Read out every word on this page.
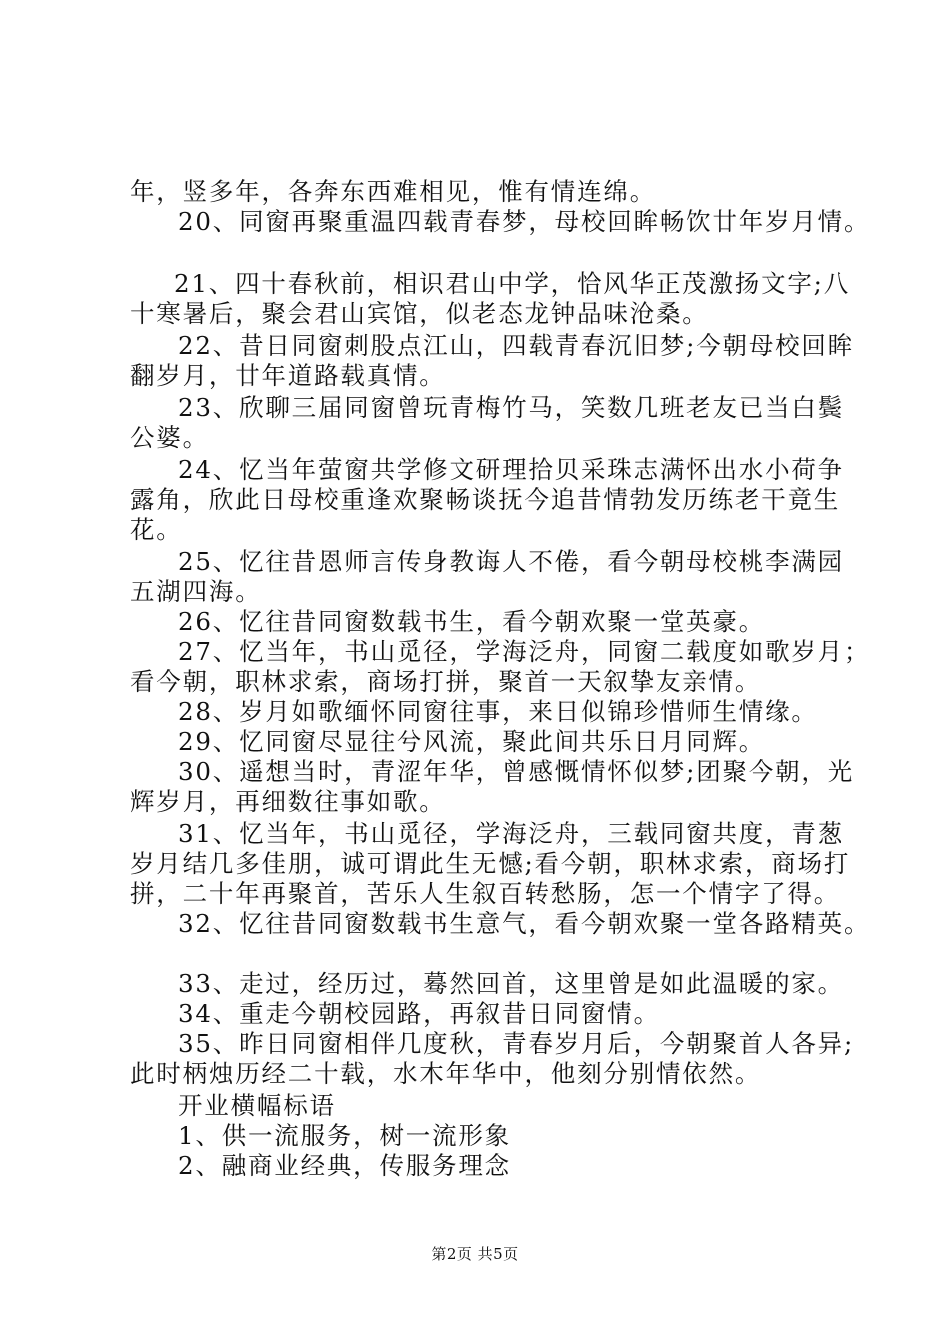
年，竖多年，各奔东西难相见，惟有情连绵。
20、同窗再聚重温四载青春梦，母校回眸畅饮廿年岁月情。
21、四十春秋前，相识君山中学，恰风华正茂激扬文字;八
十寒暑后，聚会君山宾馆，似老态龙钟品味沧桑。
22、昔日同窗刺股点江山，四载青春沉旧梦;今朝母校回眸
翻岁月，廿年道路载真情。
23、欣聊三届同窗曾玩青梅竹马，笑数几班老友已当白鬓
公婆。
24、忆当年萤窗共学修文研理拾贝采珠志满怀出水小荷争
露角，欣此日母校重逢欢聚畅谈抚今追昔情勃发历练老干竟生
花。
25、忆往昔恩师言传身教诲人不倦，看今朝母校桃李满园
五湖四海。
26、忆往昔同窗数载书生，看今朝欢聚一堂英豪。
27、忆当年，书山觅径，学海泛舟，同窗二载度如歌岁月；
看今朝，职林求索，商场打拼，聚首一天叙挚友亲情。
28、岁月如歌缅怀同窗往事，来日似锦珍惜师生情缘。
29、忆同窗尽显往兮风流，聚此间共乐日月同辉。
30、遥想当时，青涩年华，曾感慨情怀似梦;团聚今朝，光
辉岁月，再细数往事如歌。
31、忆当年，书山觅径，学海泛舟，三载同窗共度，青葱
岁月结几多佳朋，诚可谓此生无憾;看今朝，职林求索，商场打
拼，二十年再聚首，苦乐人生叙百转愁肠，怎一个情字了得。
32、忆往昔同窗数载书生意气，看今朝欢聚一堂各路精英。
33、走过，经历过，蓦然回首，这里曾是如此温暖的家。
34、重走今朝校园路，再叙昔日同窗情。
35、昨日同窗相伴几度秋，青春岁月后，今朝聚首人各异;
此时柄烛历经二十载，水木年华中，他刻分别情依然。
开业横幅标语
1、供一流服务，树一流形象
2、融商业经典，传服务理念
第2页 共5页
